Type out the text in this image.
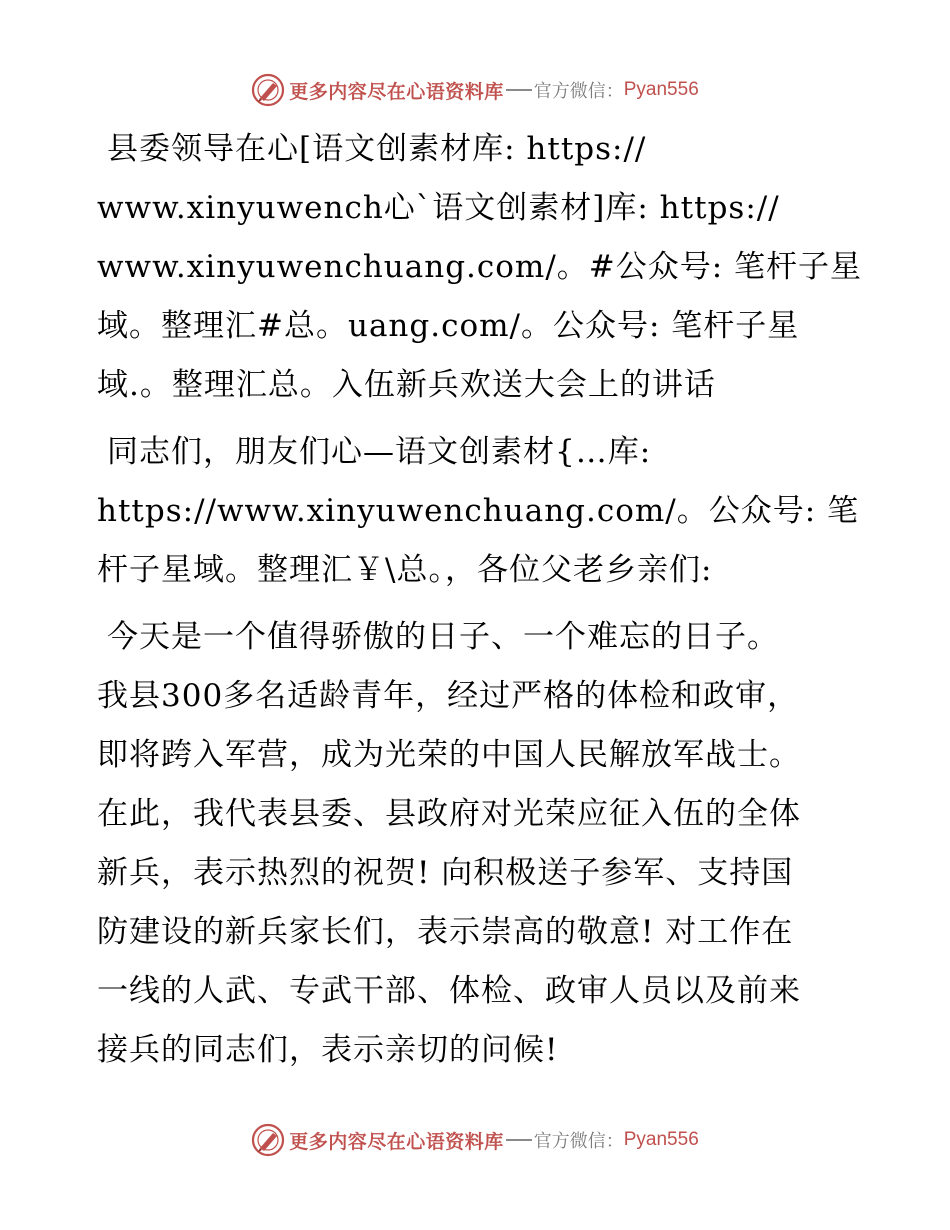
更多内容尽在心语资料库 官方微信： Pyan556
县委领导在心[语文创素材库: https://
www.xinyuwench心`语文创素材]库: https://
www.xinyuwenchuang.com/。#公众号: 笔杆子星
域。整理汇#总。uang.com/。公众号: 笔杆子星
域.。整理汇总。入伍新兵欢送大会上的讲话
同志们，朋友们心—语文创素材{…库:
https://www.xinyuwenchuang.com/。公众号: 笔
杆子星域。整理汇￥\总。，各位父老乡亲们:
今天是一个值得骄傲的日子、一个难忘的日子。
我县300多名适龄青年，经过严格的体检和政审，
即将跨入军营，成为光荣的中国人民解放军战士。
在此，我代表县委、县政府对光荣应征入伍的全体
新兵，表示热烈的祝贺! 向积极送子参军、支持国
防建设的新兵家长们，表示崇高的敬意! 对工作在
一线的人武、专武干部、体检、政审人员以及前来
接兵的同志们，表示亲切的问候!
更多内容尽在心语资料库 官方微信： Pyan556
